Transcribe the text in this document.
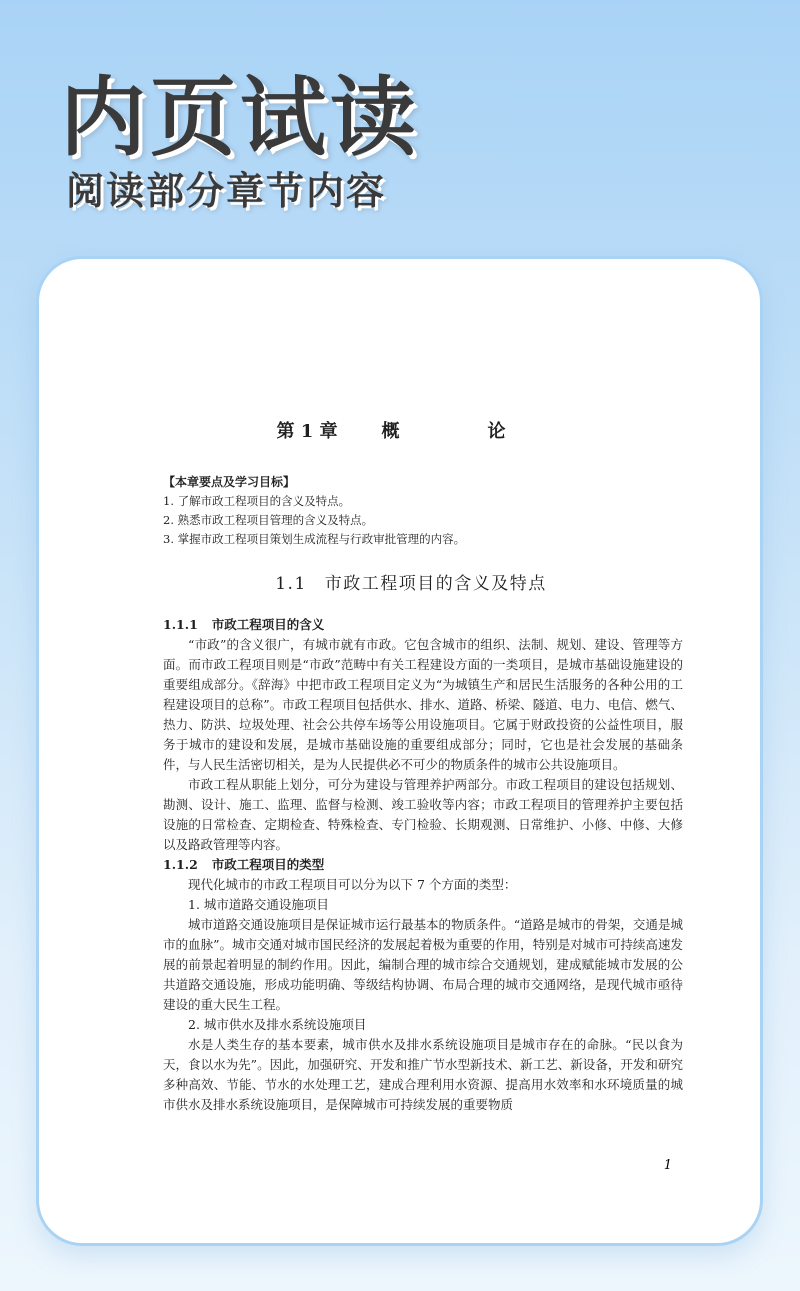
内页试读
阅读部分章节内容
第 1 章 概	论
【本章要点及学习目标】
1. 了解市政工程项目的含义及特点。
2. 熟悉市政工程项目管理的含义及特点。
3. 掌握市政工程项目策划生成流程与行政审批管理的内容。
1.1 市政工程项目的含义及特点
1.1.1 市政工程项目的含义

“市政”的含义很广，有城市就有市政。它包含城市的组织、法制、规划、建设、管理等方面。而市政工程项目则是“市政”范畴中有关工程建设方面的一类项目，是城市基础设施建设的重要组成部分。《辞海》中把市政工程项目定义为“为城镇生产和居民生活服务的各种公用的工程建设项目的总称”。市政工程项目包括供水、排水、道路、桥梁、隧道、电力、电信、燃气、热力、防洪、垃圾处理、社会公共停车场等公用设施项目。它属于财政投资的公益性项目，服务于城市的建设和发展，是城市基础设施的重要组成部分；同时，它也是社会发展的基础条件，与人民生活密切相关，是为人民提供必不可少的物质条件的城市公共设施项目。

市政工程从职能上划分，可分为建设与管理养护两部分。市政工程项目的建设包括规划、勘测、设计、施工、监理、监督与检测、竣工验收等内容；市政工程项目的管理养护主要包括设施的日常检查、定期检查、特殊检查、专门检验、长期观测、日常维护、小修、中修、大修以及路政管理等内容。

1.1.2 市政工程项目的类型

现代化城市的市政工程项目可以分为以下 7 个方面的类型：

1. 城市道路交通设施项目

城市道路交通设施项目是保证城市运行最基本的物质条件。“道路是城市的骨架，交通是城市的血脉”。城市交通对城市国民经济的发展起着极为重要的作用，特别是对城市可持续高速发展的前景起着明显的制约作用。因此，编制合理的城市综合交通规划，建成赋能城市发展的公共道路交通设施，形成功能明确、等级结构协调、布局合理的城市交通网络，是现代城市亟待建设的重大民生工程。

2. 城市供水及排水系统设施项目

水是人类生存的基本要素，城市供水及排水系统设施项目是城市存在的命脉。“民以食为天，食以水为先”。因此，加强研究、开发和推广节水型新技术、新工艺、新设备，开发和研究多种高效、节能、节水的水处理工艺，建成合理利用水资源、提高用水效率和水环境质量的城市供水及排水系统设施项目，是保障城市可持续发展的重要物质

1
